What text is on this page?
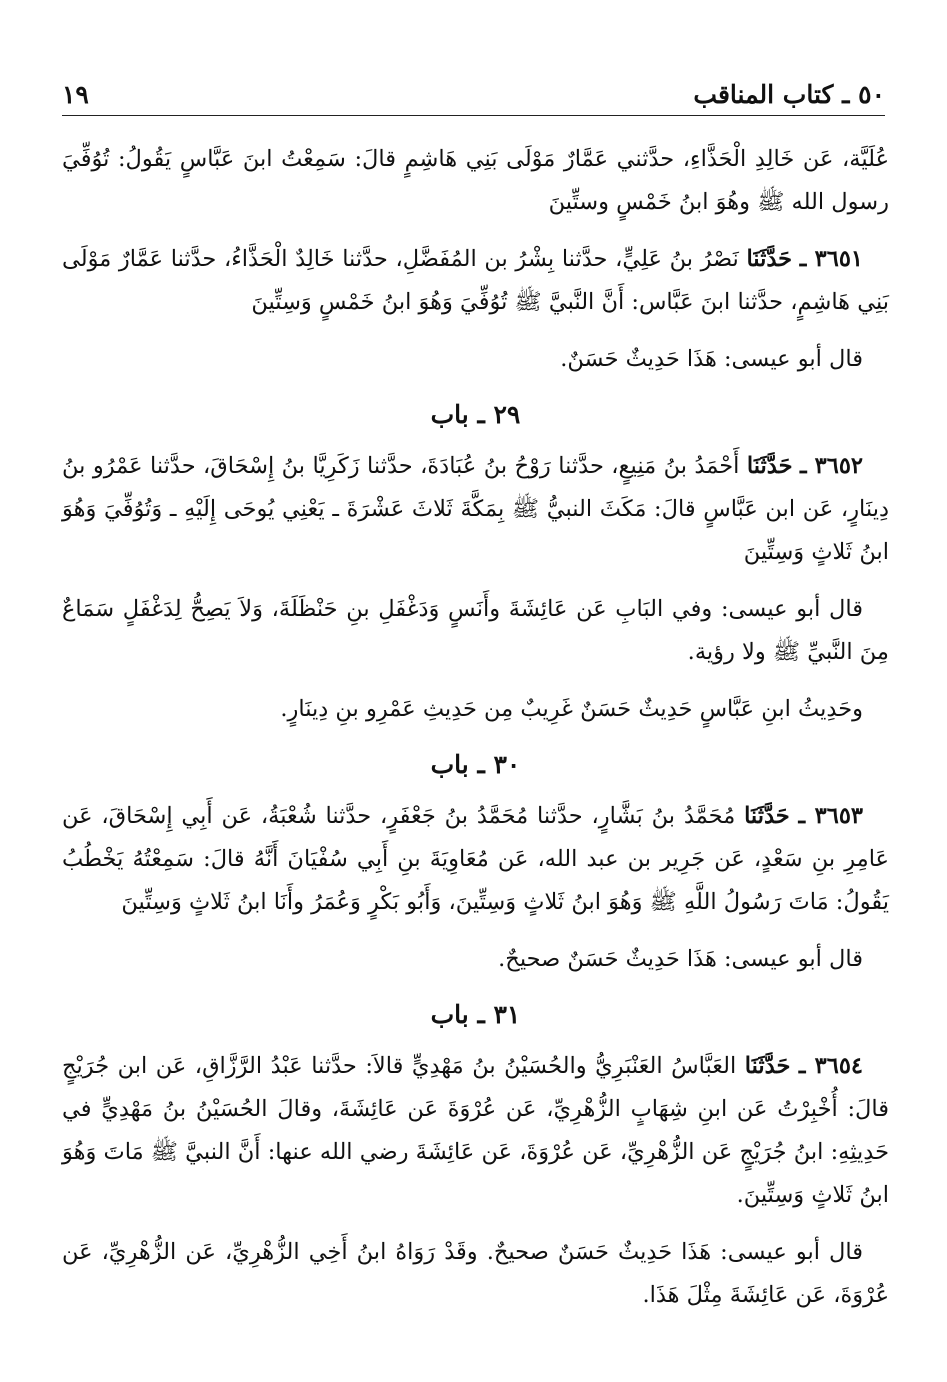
٥٠ ـ كتاب المناقب
١٩

عُلَيَّة، عَن خَالِدِ الْحَذَّاءِ، حدَّثني عَمَّارٌ مَوْلَى بَنِي هَاشِمٍ قالَ: سَمِعْتُ ابنَ عَبَّاسٍ يَقُولُ: تُوُفِّيَ رسول الله ﷺ وهُوَ ابنُ خَمْسٍ وستِّينَ

٣٦٥١ ـ حَدَّثَنَا نَصْرُ بنُ عَلِيٍّ، حدَّثنا بِشْرُ بن المُفَضَّلِ، حدَّثنا خَالِدٌ الْحَذَّاءُ، حدَّثنا عَمَّارٌ مَوْلَى بَنِي هَاشِمٍ، حدَّثنا ابنَ عَبَّاس: أَنَّ النَّبيَّ ﷺ تُوُفِّيَ وَهُوَ ابنُ خَمْسٍ وَسِتِّينَ

قال أبو عيسى: هَذَا حَدِيثٌ حَسَنٌ.

٢٩ ـ باب

٣٦٥٢ ـ حَدَّثَنَا أَحْمَدُ بنُ مَنِيعٍ، حدَّثنا رَوْحُ بنُ عُبَادَةَ، حدَّثنا زَكَرِيَّا بنُ إِسْحَاقَ، حدَّثنا عَمْرُو بنُ دِينَارٍ، عَن ابن عَبَّاسٍ قالَ: مَكَثَ النبيُّ ﷺ بِمَكَّةَ ثَلاثَ عَشْرَةَ ـ يَعْنِي يُوحَى إِلَيْهِ ـ وَتُوُفِّيَ وَهُوَ ابنُ ثَلاثٍ وَسِتِّينَ

قال أبو عيسى: وفي البَابِ عَن عَائِشَةَ وأَنَسٍ وَدَغْفَلِ بنِ حَنْظَلَةَ، وَلاَ يَصِحُّ لِدَغْفَلٍ سَمَاعٌ مِنَ النَّبيِّ ﷺ ولا رؤية.

وحَدِيثُ ابنِ عَبَّاسٍ حَدِيثٌ حَسَنٌ غَرِيبٌ مِن حَدِيثِ عَمْرِو بنِ دِينَارٍ.

٣٠ ـ باب

٣٦٥٣ ـ حَدَّثَنَا مُحَمَّدُ بنُ بَشَّارٍ، حدَّثنا مُحَمَّدُ بنُ جَعْفَرٍ، حدَّثنا شُعْبَةُ، عَن أَبِي إِسْحَاقَ، عَن عَامِرِ بنِ سَعْدٍ، عَن جَرِير بن عبد الله، عَن مُعَاوِيَةَ بنِ أَبِي سُفْيَانَ أَنَّهُ قالَ: سَمِعْتُهُ يَخْطُبُ يَقُولُ: مَاتَ رَسُولُ اللَّهِ ﷺ وَهُوَ ابنُ ثَلاثٍ وَسِتِّينَ، وَأَبُو بَكْرٍ وَعُمَرُ وأَنَا ابنُ ثَلاثٍ وَسِتِّينَ

قال أبو عيسى: هَذَا حَدِيثٌ حَسَنٌ صحيحٌ.

٣١ ـ باب

٣٦٥٤ ـ حَدَّثَنَا العَبَّاسُ العَنْبَرِيُّ والحُسَيْنُ بنُ مَهْدِيٍّ قالاَ: حدَّثنا عَبْدُ الرَّزَّاقِ، عَن ابن جُرَيْجٍ قالَ: أُخْبِرْتُ عَن ابنِ شِهَابٍ الزُّهْرِيِّ، عَن عُرْوَةَ عَن عَائِشَةَ، وقالَ الحُسَيْنُ بنُ مَهْدِيٍّ في حَدِيثِهِ: ابنُ جُرَيْجٍ عَن الزُّهْرِيِّ، عَن عُرْوَةَ، عَن عَائِشَةَ رضي الله عنها: أَنَّ النبيَّ ﷺ مَاتَ وَهُوَ ابنُ ثَلاثٍ وَسِتِّينَ.

قال أبو عيسى: هَذَا حَدِيثٌ حَسَنٌ صحيحٌ. وقَدْ رَوَاهُ ابنُ أَخِي الزُّهْرِيِّ، عَن الزُّهْرِيِّ، عَن عُرْوَةَ، عَن عَائِشَةَ مِثْلَ هَذَا.
